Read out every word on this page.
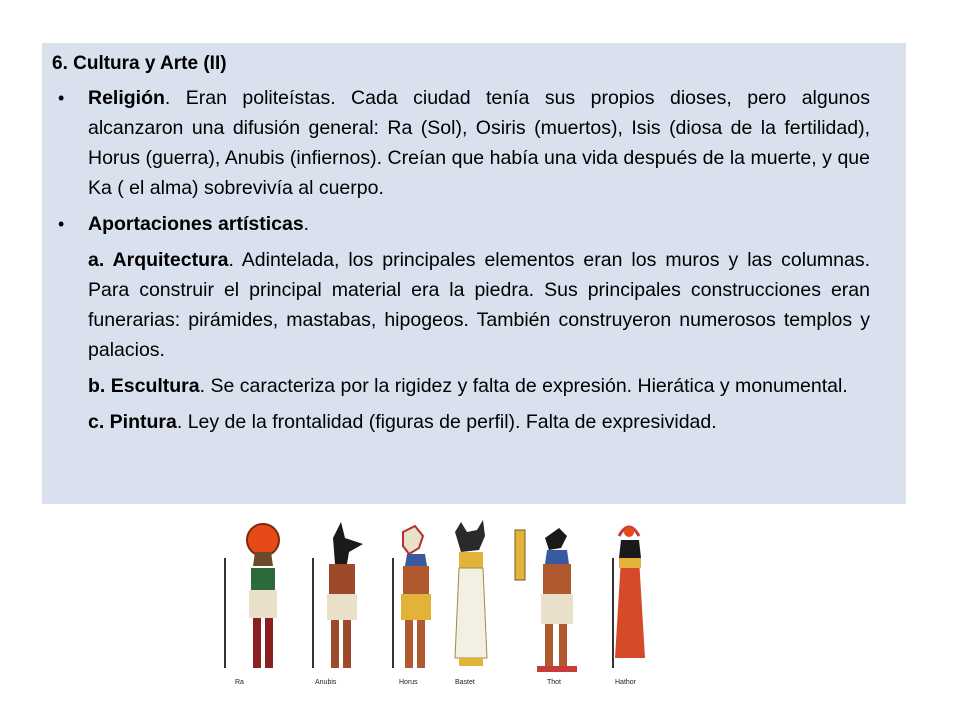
6. Cultura y Arte (II)

• Religión. Eran politeístas. Cada ciudad tenía sus propios dioses, pero algunos alcanzaron una difusión general: Ra (Sol), Osiris (muertos), Isis (diosa de la fertilidad), Horus (guerra), Anubis (infiernos). Creían que había una vida después de la muerte, y que Ka ( el alma) sobrevivía al cuerpo.

• Aportaciones artísticas.

a. Arquitectura. Adintelada, los principales elementos eran los muros y las columnas. Para construir el principal material era la piedra. Sus principales construcciones eran funerarias: pirámides, mastabas, hipogeos. También construyeron numerosos templos y palacios.

b. Escultura. Se caracteriza por la rigidez y falta de expresión. Hierática y monumental.

c. Pintura. Ley de la frontalidad (figuras de perfil). Falta de expresividad.

Ra	Anubis	Horus	Bastet	Thot	Hathor
